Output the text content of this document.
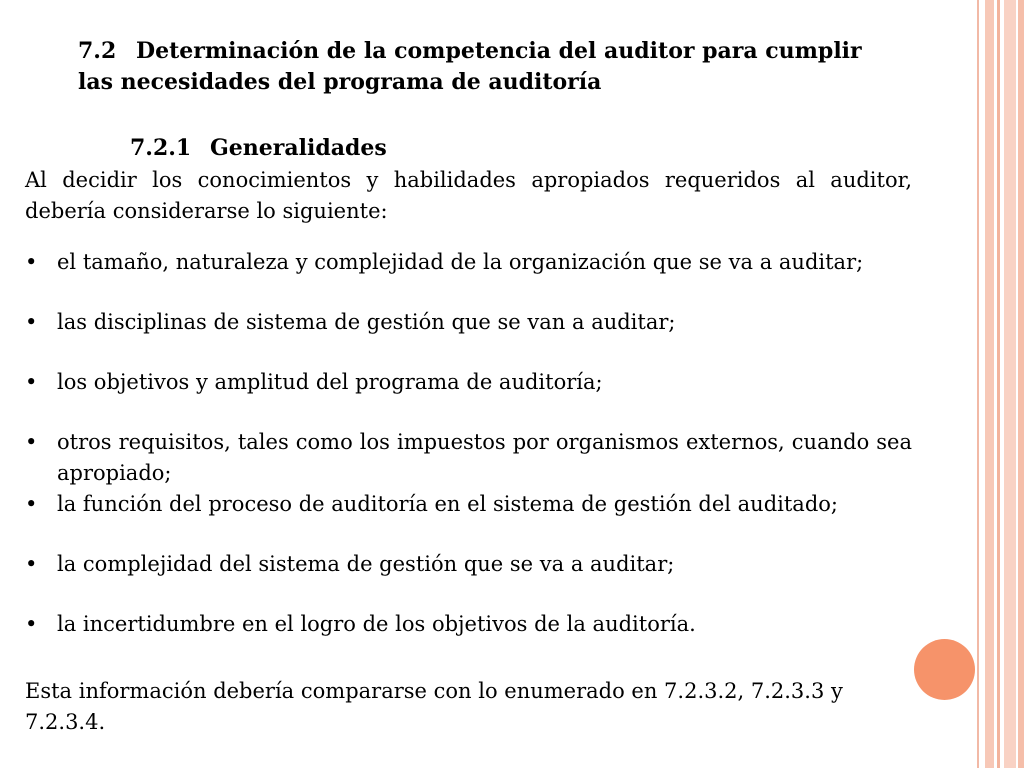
7.2 Determinación de la competencia del auditor para cumplir las necesidades del programa de auditoría
7.2.1 Generalidades

Al decidir los conocimientos y habilidades apropiados requeridos al auditor, debería considerarse lo siguiente:

• el tamaño, naturaleza y complejidad de la organización que se va a auditar;
• las disciplinas de sistema de gestión que se van a auditar;
• los objetivos y amplitud del programa de auditoría;
• otros requisitos, tales como los impuestos por organismos externos, cuando sea apropiado;
• la función del proceso de auditoría en el sistema de gestión del auditado;
• la complejidad del sistema de gestión que se va a auditar;
• la incertidumbre en el logro de los objetivos de la auditoría.

Esta información debería compararse con lo enumerado en 7.2.3.2, 7.2.3.3 y 7.2.3.4.
